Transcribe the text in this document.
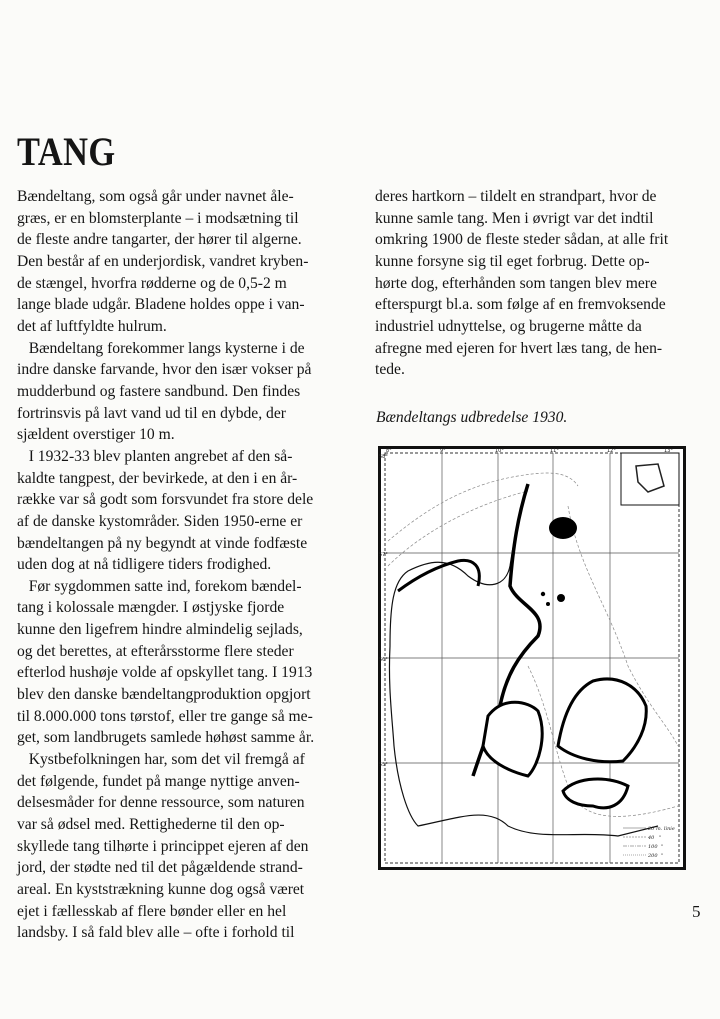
TANG
Bændeltang, som også går under navnet åle-
græs, er en blomsterplante – i modsætning til
de fleste andre tangarter, der hører til algerne.
Den består af en underjordisk, vandret kryben-
de stængel, hvorfra rødderne og de 0,5-2 m
lange blade udgår. Bladene holdes oppe i van-
det af luftfyldte hulrum.
Bændeltang forekommer langs kysterne i de
indre danske farvande, hvor den især vokser på
mudderbund og fastere sandbund. Den findes
fortrinsvis på lavt vand ud til en dybde, der
sjældent overstiger 10 m.
I 1932-33 blev planten angrebet af den så-
kaldte tangpest, der bevirkede, at den i en år-
række var så godt som forsvundet fra store dele
af de danske kystområder. Siden 1950-erne er
bændeltangen på ny begyndt at vinde fodfæste
uden dog at nå tidligere tiders frodighed.
Før sygdommen satte ind, forekom bændel-
tang i kolossale mængder. I østjyske fjorde
kunne den ligefrem hindre almindelig sejlads,
og det berettes, at efterårsstorme flere steder
efterlod hushøje volde af opskyllet tang. I 1913
blev den danske bændeltangproduktion opgjort
til 8.000.000 tons tørstof, eller tre gange så me-
get, som landbrugets samlede høhøst samme år.
Kystbefolkningen har, som det vil fremgå af
det følgende, fundet på mange nyttige anven-
delsesmåder for denne ressource, som naturen
var så ødsel med. Rettighederne til den op-
skyllede tang tilhørte i princippet ejeren af den
jord, der stødte ned til det pågældende strand-
areal. En kyststrækning kunne dog også været
ejet i fællesskab af flere bønder eller en hel
landsby. I så fald blev alle – ofte i forhold til
deres hartkorn – tildelt en strandpart, hvor de
kunne samle tang. Men i øvrigt var det indtil
omkring 1900 de fleste steder sådan, at alle frit
kunne forsyne sig til eget forbrug. Dette op-
hørte dog, efterhånden som tangen blev mere
efterspurgt bl.a. som følge af en fremvoksende
industriel udnyttelse, og brugerne måtte da
afregne med ejeren for hvert læs tang, de hen-
tede.
Bændeltangs udbredelse 1930.
8°	9°	10°	11°	12°	13°
58°
57°
56°
55°
20 m. linie
40   "
100  "
200  "
5
